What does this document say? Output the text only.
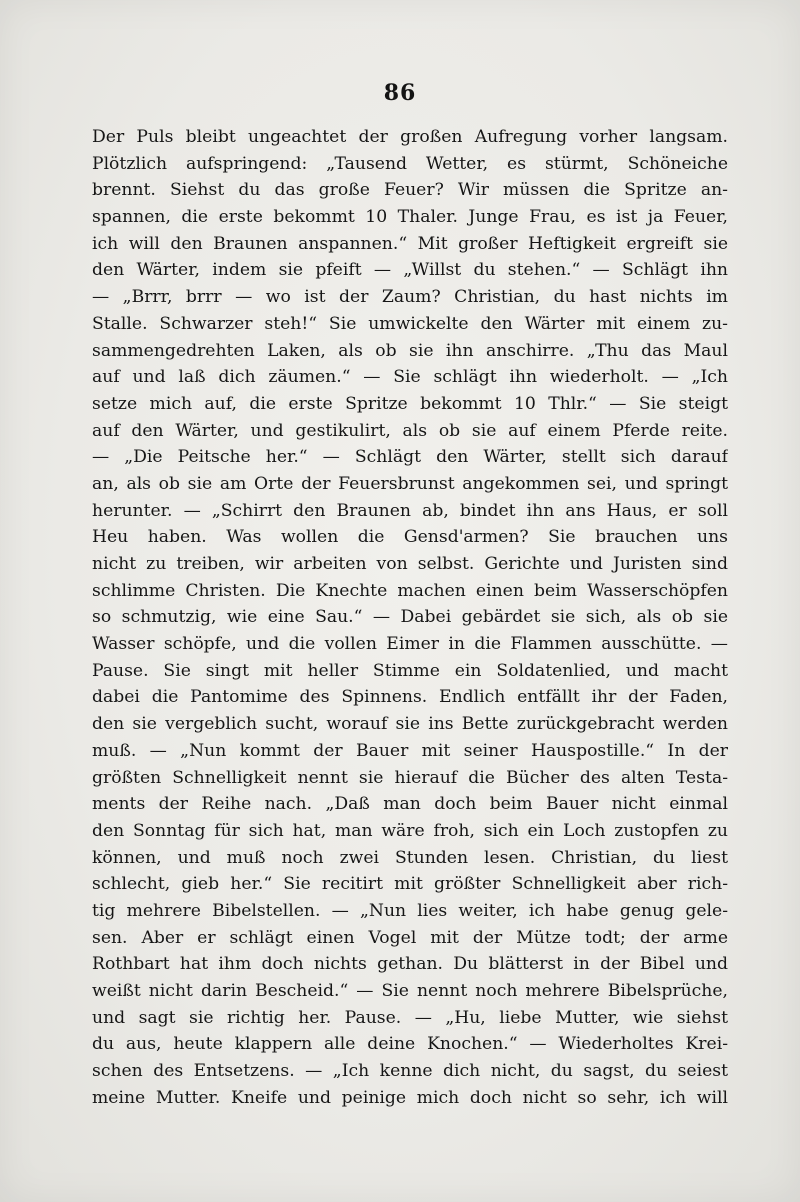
86
Der Puls bleibt ungeachtet der großen Aufregung vorher langsam.
Plötzlich aufspringend: „Tausend Wetter, es stürmt, Schöneiche
brennt. Siehst du das große Feuer? Wir müssen die Spritze an-
spannen, die erste bekommt 10 Thaler. Junge Frau, es ist ja Feuer,
ich will den Braunen anspannen.“ Mit großer Heftigkeit ergreift sie
den Wärter, indem sie pfeift — „Willst du stehen.“ — Schlägt ihn
— „Brrr, brrr — wo ist der Zaum? Christian, du hast nichts im
Stalle. Schwarzer steh!“ Sie umwickelte den Wärter mit einem zu-
sammengedrehten Laken, als ob sie ihn anschirre. „Thu das Maul
auf und laß dich zäumen.“ — Sie schlägt ihn wiederholt. — „Ich
setze mich auf, die erste Spritze bekommt 10 Thlr.“ — Sie steigt
auf den Wärter, und gestikulirt, als ob sie auf einem Pferde reite.
— „Die Peitsche her.“ — Schlägt den Wärter, stellt sich darauf
an, als ob sie am Orte der Feuersbrunst angekommen sei, und springt
herunter. — „Schirrt den Braunen ab, bindet ihn ans Haus, er soll
Heu haben. Was wollen die Gensd'armen? Sie brauchen uns
nicht zu treiben, wir arbeiten von selbst. Gerichte und Juristen sind
schlimme Christen. Die Knechte machen einen beim Wasserschöpfen
so schmutzig, wie eine Sau.“ — Dabei gebärdet sie sich, als ob sie
Wasser schöpfe, und die vollen Eimer in die Flammen ausschütte. —
Pause. Sie singt mit heller Stimme ein Soldatenlied, und macht
dabei die Pantomime des Spinnens. Endlich entfällt ihr der Faden,
den sie vergeblich sucht, worauf sie ins Bette zurückgebracht werden
muß. — „Nun kommt der Bauer mit seiner Hauspostille.“ In der
größten Schnelligkeit nennt sie hierauf die Bücher des alten Testa-
ments der Reihe nach. „Daß man doch beim Bauer nicht einmal
den Sonntag für sich hat, man wäre froh, sich ein Loch zustopfen zu
können, und muß noch zwei Stunden lesen. Christian, du liest
schlecht, gieb her.“ Sie recitirt mit größter Schnelligkeit aber rich-
tig mehrere Bibelstellen. — „Nun lies weiter, ich habe genug gele-
sen. Aber er schlägt einen Vogel mit der Mütze todt; der arme
Rothbart hat ihm doch nichts gethan. Du blätterst in der Bibel und
weißt nicht darin Bescheid.“ — Sie nennt noch mehrere Bibelsprüche,
und sagt sie richtig her. Pause. — „Hu, liebe Mutter, wie siehst
du aus, heute klappern alle deine Knochen.“ — Wiederholtes Krei-
schen des Entsetzens. — „Ich kenne dich nicht, du sagst, du seiest
meine Mutter. Kneife und peinige mich doch nicht so sehr, ich will
